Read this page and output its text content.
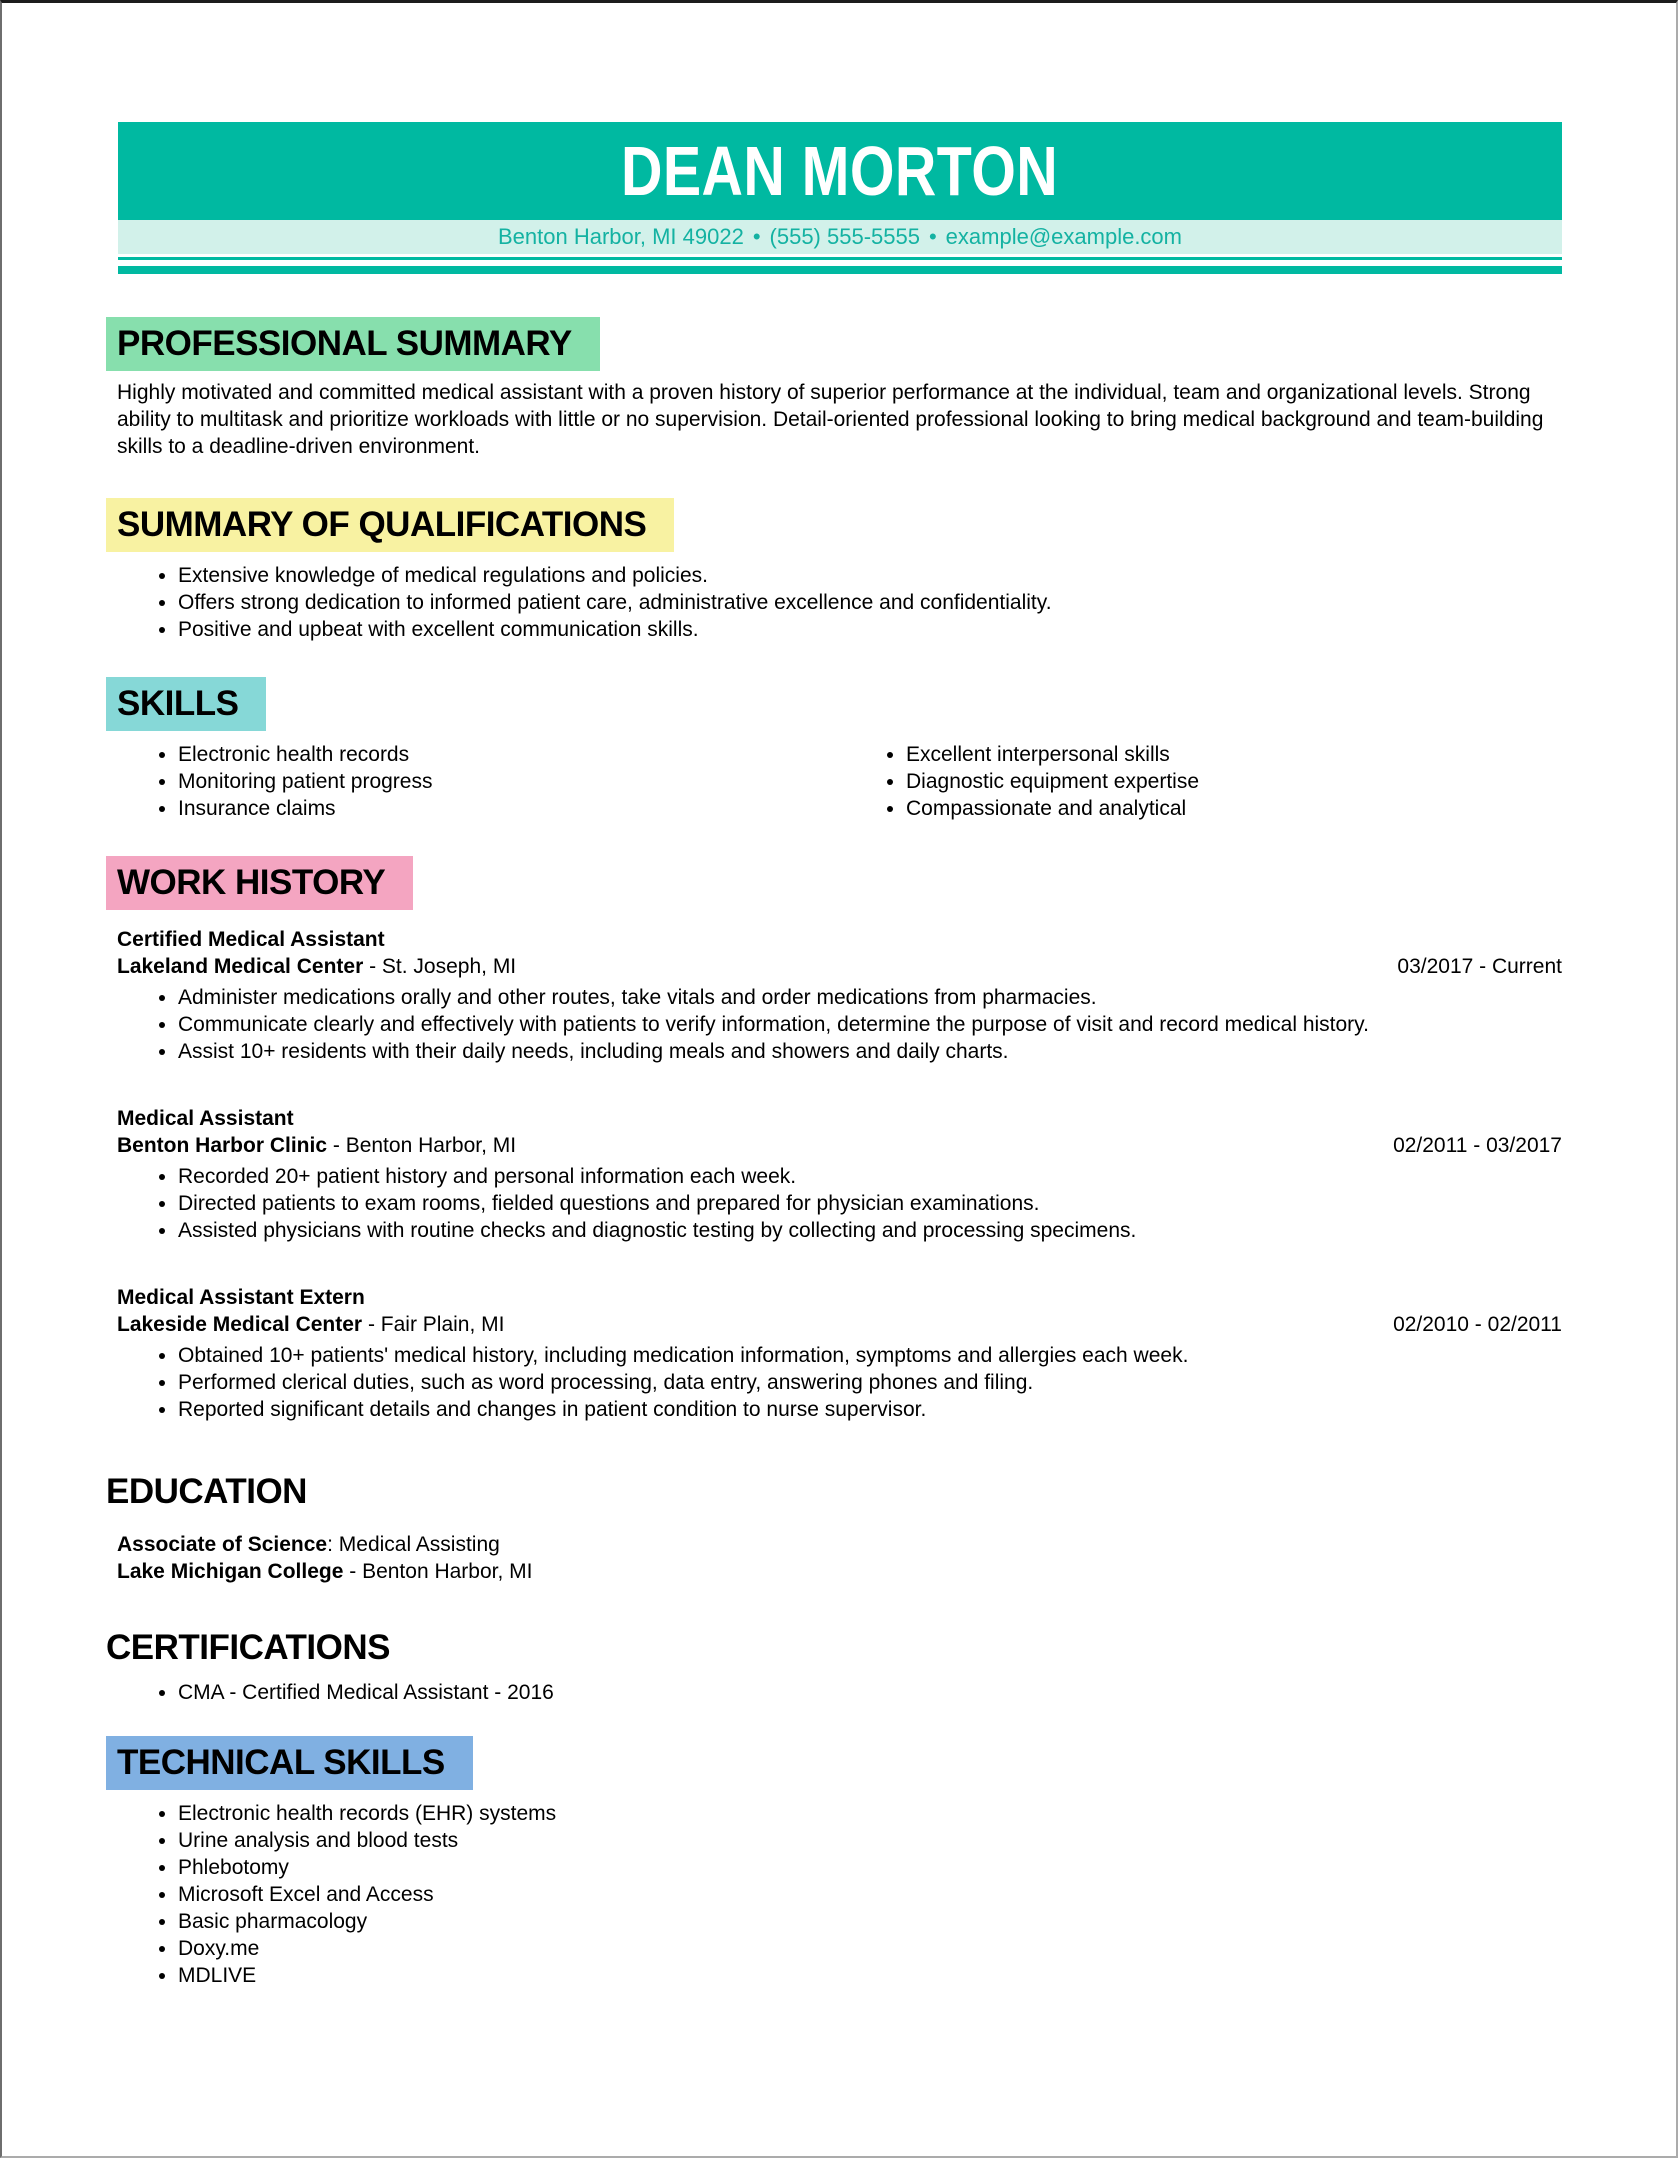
DEAN MORTON
Benton Harbor, MI 49022 • (555) 555-5555 • example@example.com
PROFESSIONAL SUMMARY

Highly motivated and committed medical assistant with a proven history of superior performance at the individual, team and organizational levels. Strong ability to multitask and prioritize workloads with little or no supervision. Detail-oriented professional looking to bring medical background and team-building skills to a deadline-driven environment.

SUMMARY OF QUALIFICATIONS
• Extensive knowledge of medical regulations and policies.
• Offers strong dedication to informed patient care, administrative excellence and confidentiality.
• Positive and upbeat with excellent communication skills.
SKILLS
• Electronic health records
• Monitoring patient progress
• Insurance claims
• Excellent interpersonal skills
• Diagnostic equipment expertise
• Compassionate and analytical
WORK HISTORY

Certified Medical Assistant

Lakeland Medical Center - St. Joseph, MI	03/2017 - Current
• Administer medications orally and other routes, take vitals and order medications from pharmacies.
• Communicate clearly and effectively with patients to verify information, determine the purpose of visit and record medical history.
• Assist 10+ residents with their daily needs, including meals and showers and daily charts.

Medical Assistant

Benton Harbor Clinic - Benton Harbor, MI	02/2011 - 03/2017
• Recorded 20+ patient history and personal information each week.
• Directed patients to exam rooms, fielded questions and prepared for physician examinations.
• Assisted physicians with routine checks and diagnostic testing by collecting and processing specimens.

Medical Assistant Extern

Lakeside Medical Center - Fair Plain, MI	02/2010 - 02/2011
• Obtained 10+ patients' medical history, including medication information, symptoms and allergies each week.
• Performed clerical duties, such as word processing, data entry, answering phones and filing.
• Reported significant details and changes in patient condition to nurse supervisor.
EDUCATION
Associate of Science: Medical Assisting
Lake Michigan College - Benton Harbor, MI
CERTIFICATIONS
• CMA - Certified Medical Assistant - 2016
TECHNICAL SKILLS
• Electronic health records (EHR) systems
• Urine analysis and blood tests
• Phlebotomy
• Microsoft Excel and Access
• Basic pharmacology
• Doxy.me
• MDLIVE
